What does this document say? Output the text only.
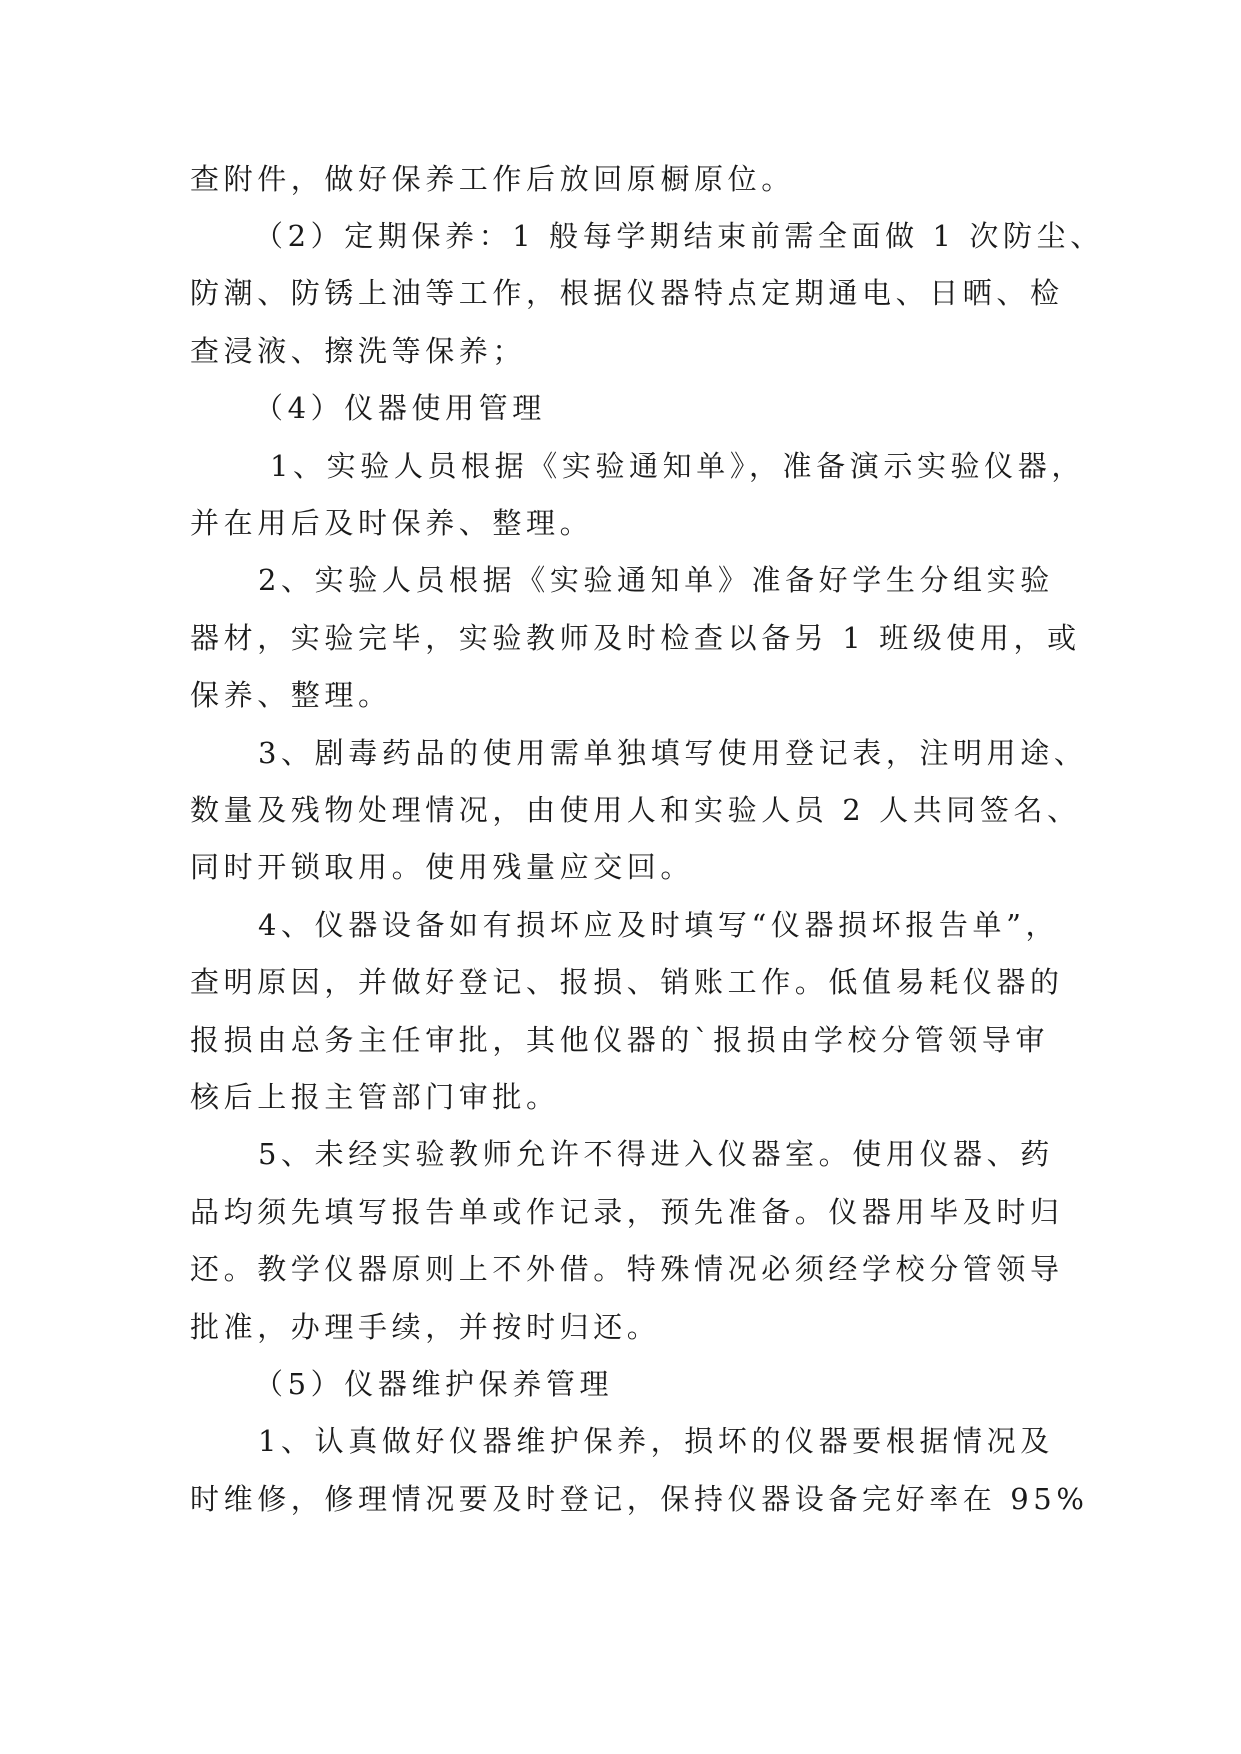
查附件，做好保养工作后放回原橱原位。
（2）定期保养：1 般每学期结束前需全面做 1 次防尘、
防潮、防锈上油等工作，根据仪器特点定期通电、日晒、检
查浸液、擦洗等保养；
（4）仪器使用管理
1、实验人员根据《实验通知单》，准备演示实验仪器，
并在用后及时保养、整理。
2、实验人员根据《实验通知单》准备好学生分组实验
器材，实验完毕，实验教师及时检查以备另 1 班级使用，或
保养、整理。
3、剧毒药品的使用需单独填写使用登记表，注明用途、
数量及残物处理情况，由使用人和实验人员 2 人共同签名、
同时开锁取用。使用残量应交回。
4、仪器设备如有损坏应及时填写“仪器损坏报告单”，
查明原因，并做好登记、报损、销账工作。低值易耗仪器的
报损由总务主任审批，其他仪器的`报损由学校分管领导审
核后上报主管部门审批。
5、未经实验教师允许不得进入仪器室。使用仪器、药
品均须先填写报告单或作记录，预先准备。仪器用毕及时归
还。教学仪器原则上不外借。特殊情况必须经学校分管领导
批准，办理手续，并按时归还。
（5）仪器维护保养管理
1、认真做好仪器维护保养，损坏的仪器要根据情况及
时维修，修理情况要及时登记，保持仪器设备完好率在 95%
